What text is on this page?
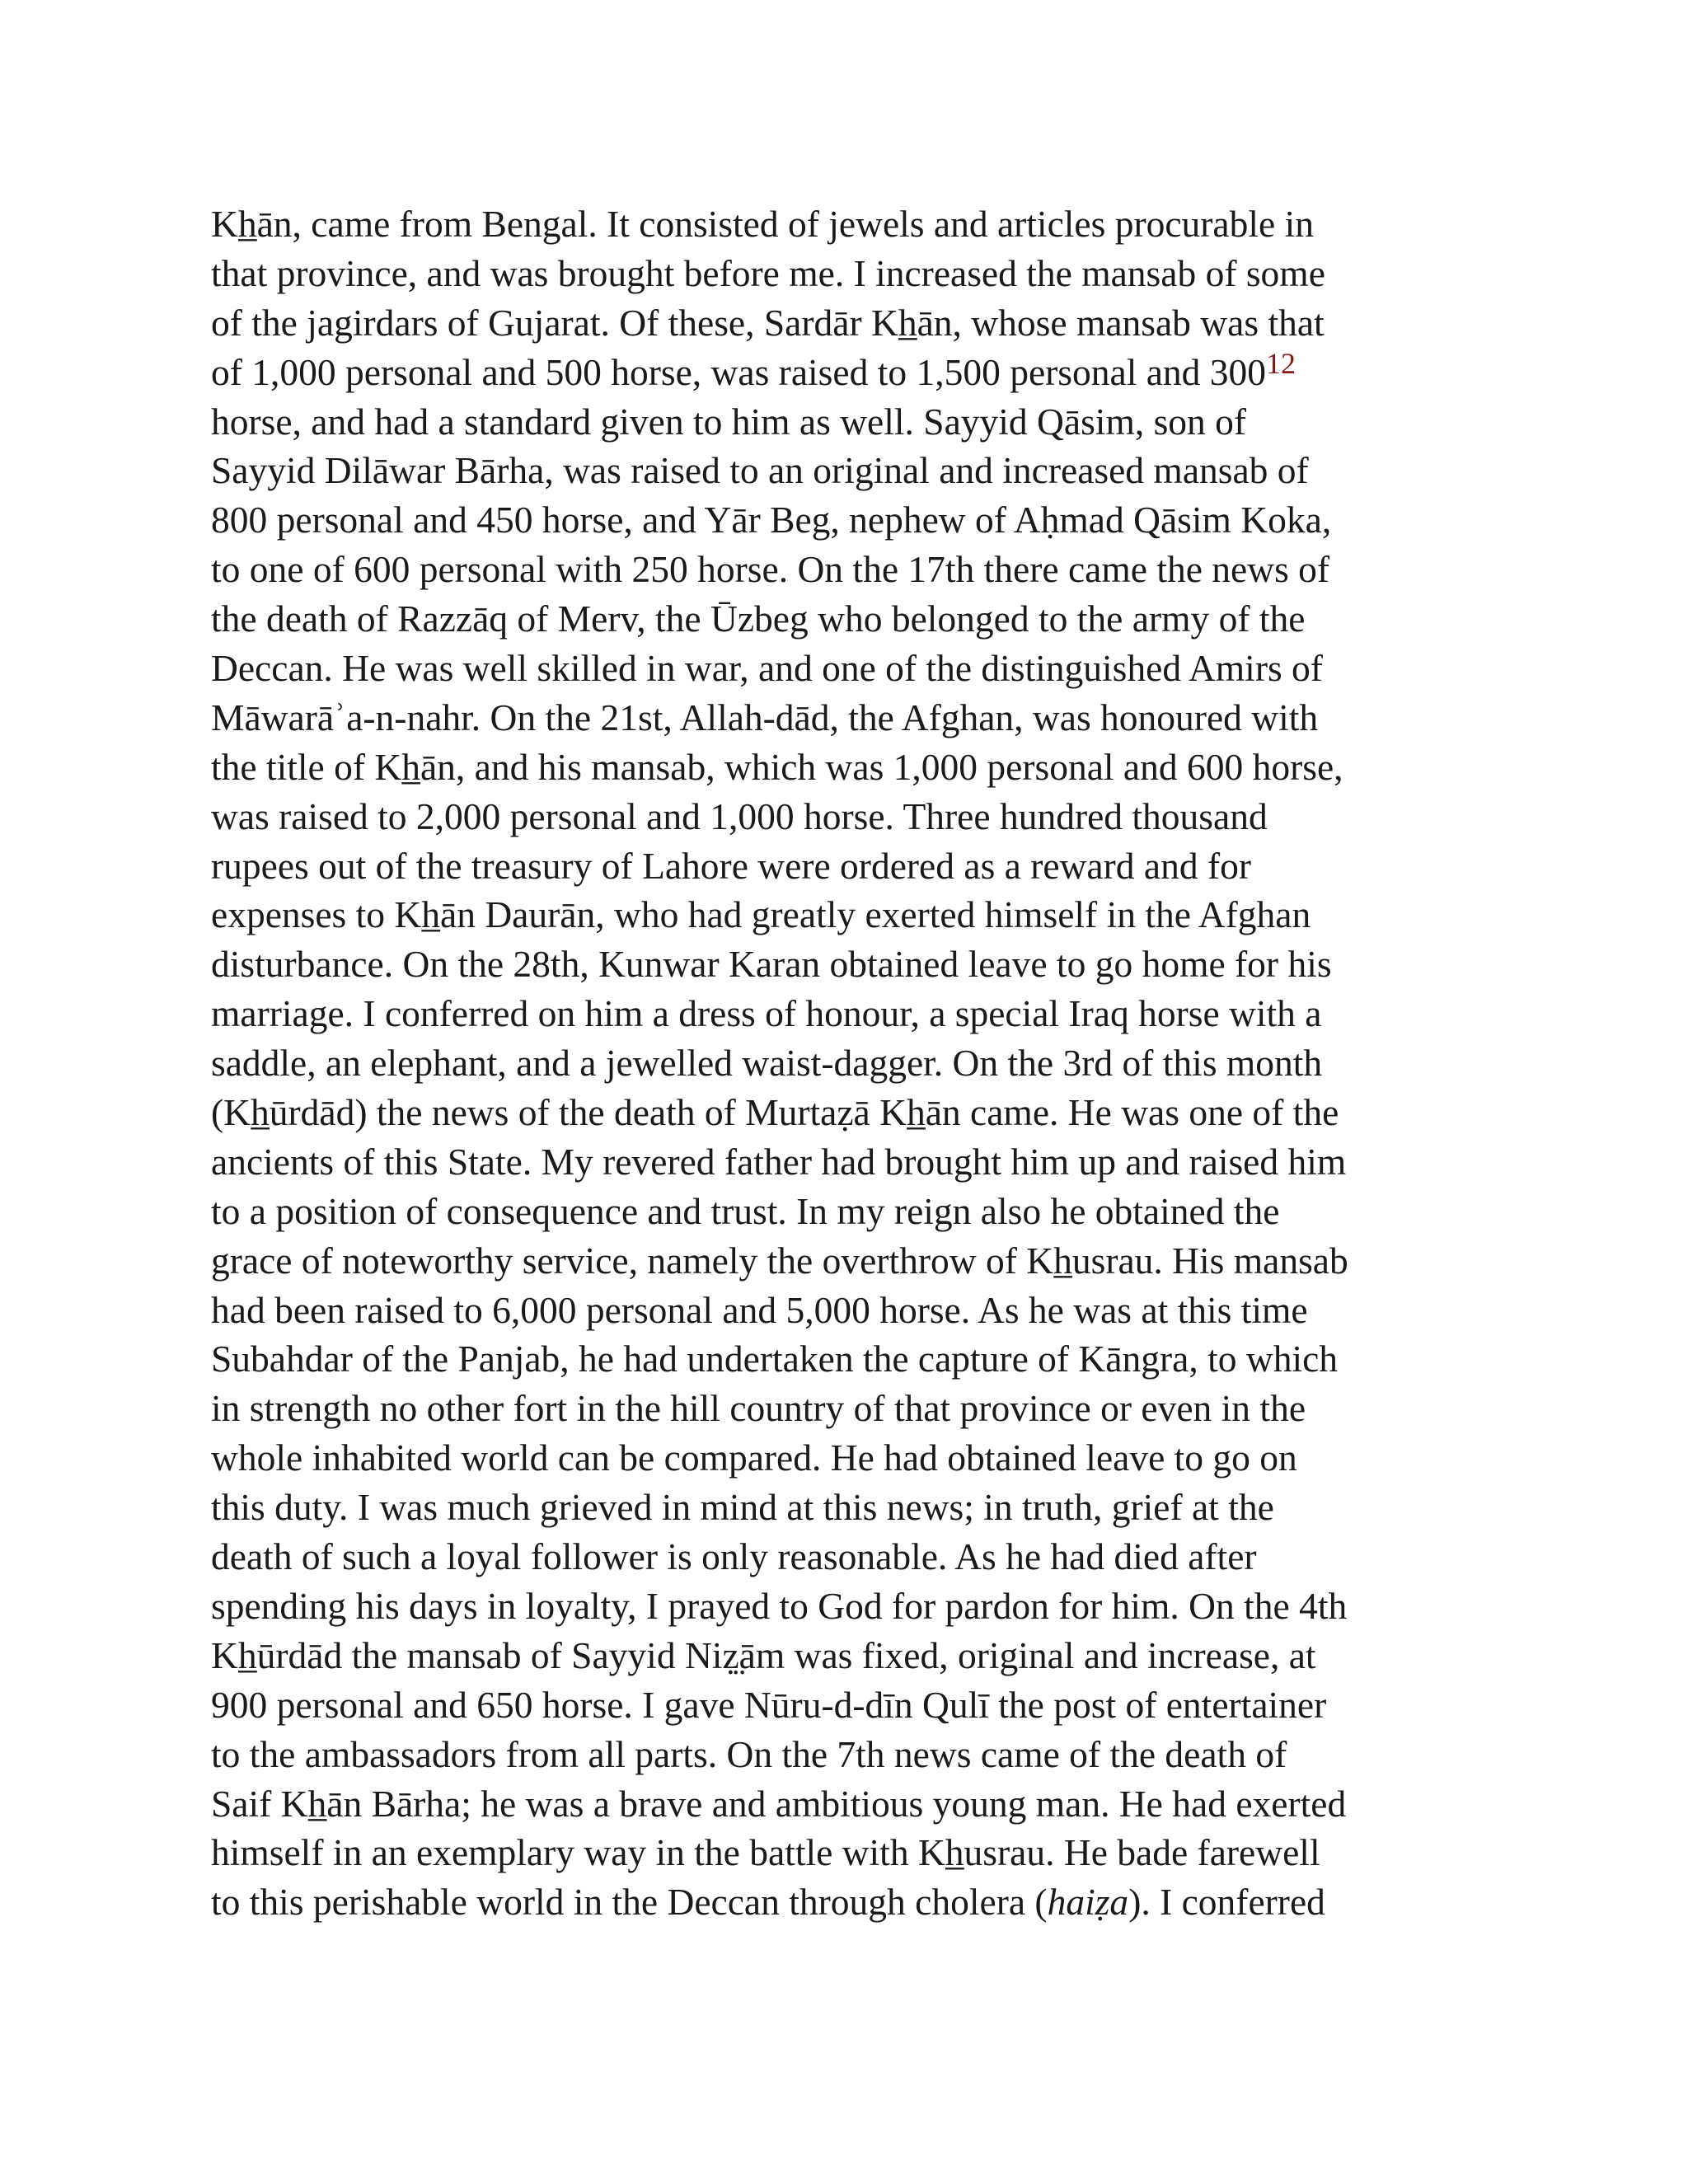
Kh̲ān, came from Bengal. It consisted of jewels and articles procurable in
that province, and was brought before me. I increased the mansab of some
of the jagirdars of Gujarat. Of these, Sardār Kh̲ān, whose mansab was that
of 1,000 personal and 500 horse, was raised to 1,500 personal and $300^{12}$
horse, and had a standard given to him as well. Sayyid Qāsim, son of
Sayyid Dilāwar Bārha, was raised to an original and increased mansab of
800 personal and 450 horse, and Yār Beg, nephew of Aḥmad Qāsim Koka,
to one of 600 personal with 250 horse. On the 17th there came the news of
the death of Razzāq of Merv, the Ūzbeg who belonged to the army of the
Deccan. He was well skilled in war, and one of the distinguished Amirs of
Māwarāʾa-n-nahr. On the 21st, Allah-dād, the Afghan, was honoured with
the title of Kh̲ān, and his mansab, which was 1,000 personal and 600 horse,
was raised to 2,000 personal and 1,000 horse. Three hundred thousand
rupees out of the treasury of Lahore were ordered as a reward and for
expenses to Kh̲ān Daurān, who had greatly exerted himself in the Afghan
disturbance. On the 28th, Kunwar Karan obtained leave to go home for his
marriage. I conferred on him a dress of honour, a special Iraq horse with a
saddle, an elephant, and a jewelled waist-dagger. On the 3rd of this month
(Kh̲ūrdād) the news of the death of Murtaẓā Kh̲ān came. He was one of the
ancients of this State. My revered father had brought him up and raised him
to a position of consequence and trust. In my reign also he obtained the
grace of noteworthy service, namely the overthrow of Kh̲usrau. His mansab
had been raised to 6,000 personal and 5,000 horse. As he was at this time
Subahdar of the Panjab, he had undertaken the capture of Kāngra, to which
in strength no other fort in the hill country of that province or even in the
whole inhabited world can be compared. He had obtained leave to go on
this duty. I was much grieved in mind at this news; in truth, grief at the
death of such a loyal follower is only reasonable. As he had died after
spending his days in loyalty, I prayed to God for pardon for him. On the 4th
Kh̲ūrdād the mansab of Sayyid Niẓ̤ām was fixed, original and increase, at
900 personal and 650 horse. I gave Nūru-d-dīn Qulī the post of entertainer
to the ambassadors from all parts. On the 7th news came of the death of
Saif Kh̲ān Bārha; he was a brave and ambitious young man. He had exerted
himself in an exemplary way in the battle with Kh̲usrau. He bade farewell
to this perishable world in the Deccan through cholera (haiẓa). I conferred
